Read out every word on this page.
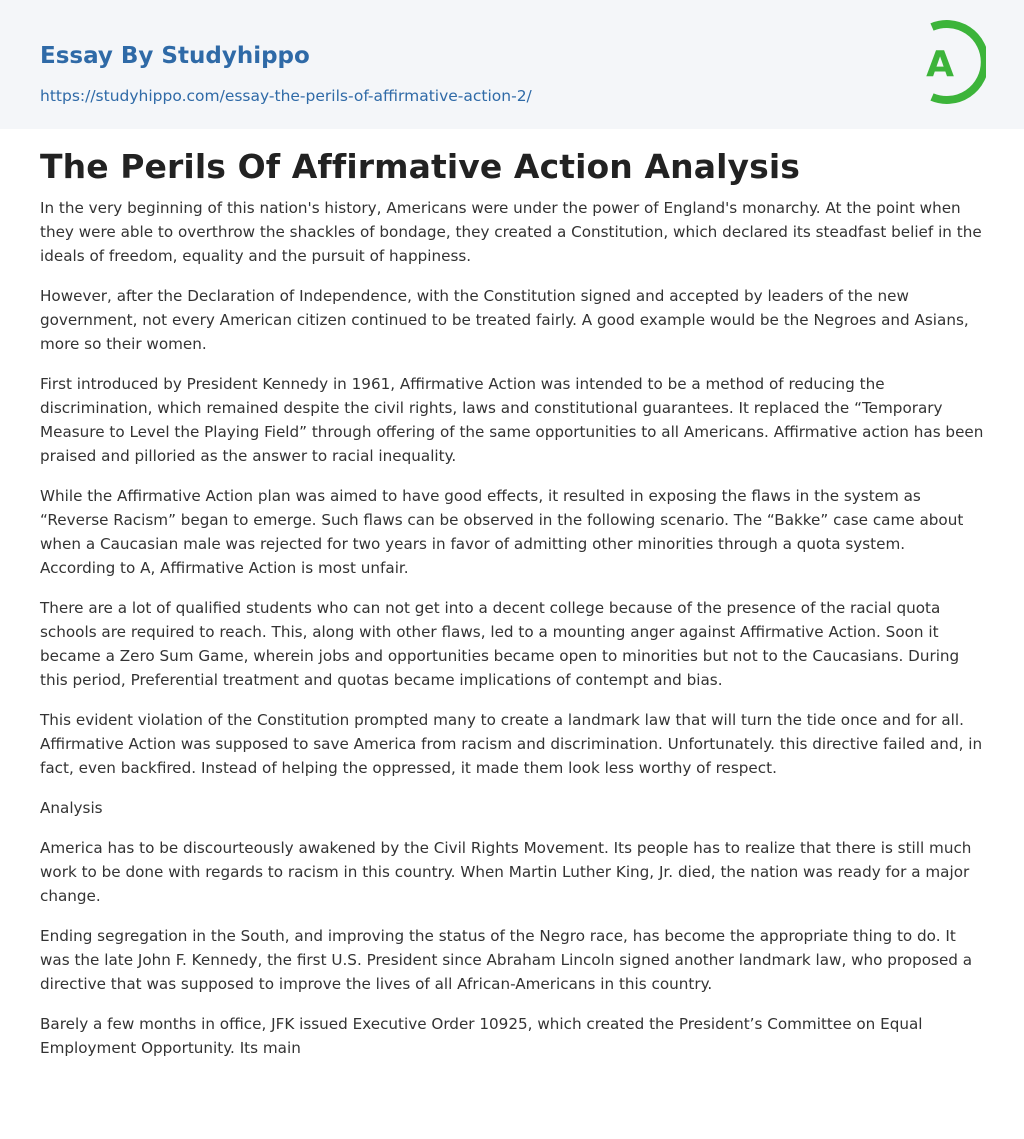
Essay By Studyhippo
https://studyhippo.com/essay-the-perils-of-affirmative-action-2/
A
The Perils Of Affirmative Action Analysis

In the very beginning of this nation's history, Americans were under the power of England's monarchy. At the point when they were able to overthrow the shackles of bondage, they created a Constitution, which declared its steadfast belief in the ideals of freedom, equality and the pursuit of happiness.

However, after the Declaration of Independence, with the Constitution signed and accepted by leaders of the new government, not every American citizen continued to be treated fairly. A good example would be the Negroes and Asians, more so their women.

First introduced by President Kennedy in 1961, Affirmative Action was intended to be a method of reducing the discrimination, which remained despite the civil rights, laws and constitutional guarantees. It replaced the “Temporary Measure to Level the Playing Field” through offering of the same opportunities to all Americans. Affirmative action has been praised and pilloried as the answer to racial inequality.

While the Affirmative Action plan was aimed to have good effects, it resulted in exposing the flaws in the system as “Reverse Racism” began to emerge. Such flaws can be observed in the following scenario. The “Bakke” case came about when a Caucasian male was rejected for two years in favor of admitting other minorities through a quota system. According to A, Affirmative Action is most unfair.

There are a lot of qualified students who can not get into a decent college because of the presence of the racial quota schools are required to reach. This, along with other flaws, led to a mounting anger against Affirmative Action. Soon it became a Zero Sum Game, wherein jobs and opportunities became open to minorities but not to the Caucasians. During this period, Preferential treatment and quotas became implications of contempt and bias.

This evident violation of the Constitution prompted many to create a landmark law that will turn the tide once and for all. Affirmative Action was supposed to save America from racism and discrimination. Unfortunately. this directive failed and, in fact, even backfired. Instead of helping the oppressed, it made them look less worthy of respect.

Analysis

America has to be discourteously awakened by the Civil Rights Movement. Its people has to realize that there is still much work to be done with regards to racism in this country. When Martin Luther King, Jr. died, the nation was ready for a major change.

Ending segregation in the South, and improving the status of the Negro race, has become the appropriate thing to do. It was the late John F. Kennedy, the first U.S. President since Abraham Lincoln signed another landmark law, who proposed a directive that was supposed to improve the lives of all African-Americans in this country.

Barely a few months in office, JFK issued Executive Order 10925, which created the President’s Committee on Equal Employment Opportunity. Its main
